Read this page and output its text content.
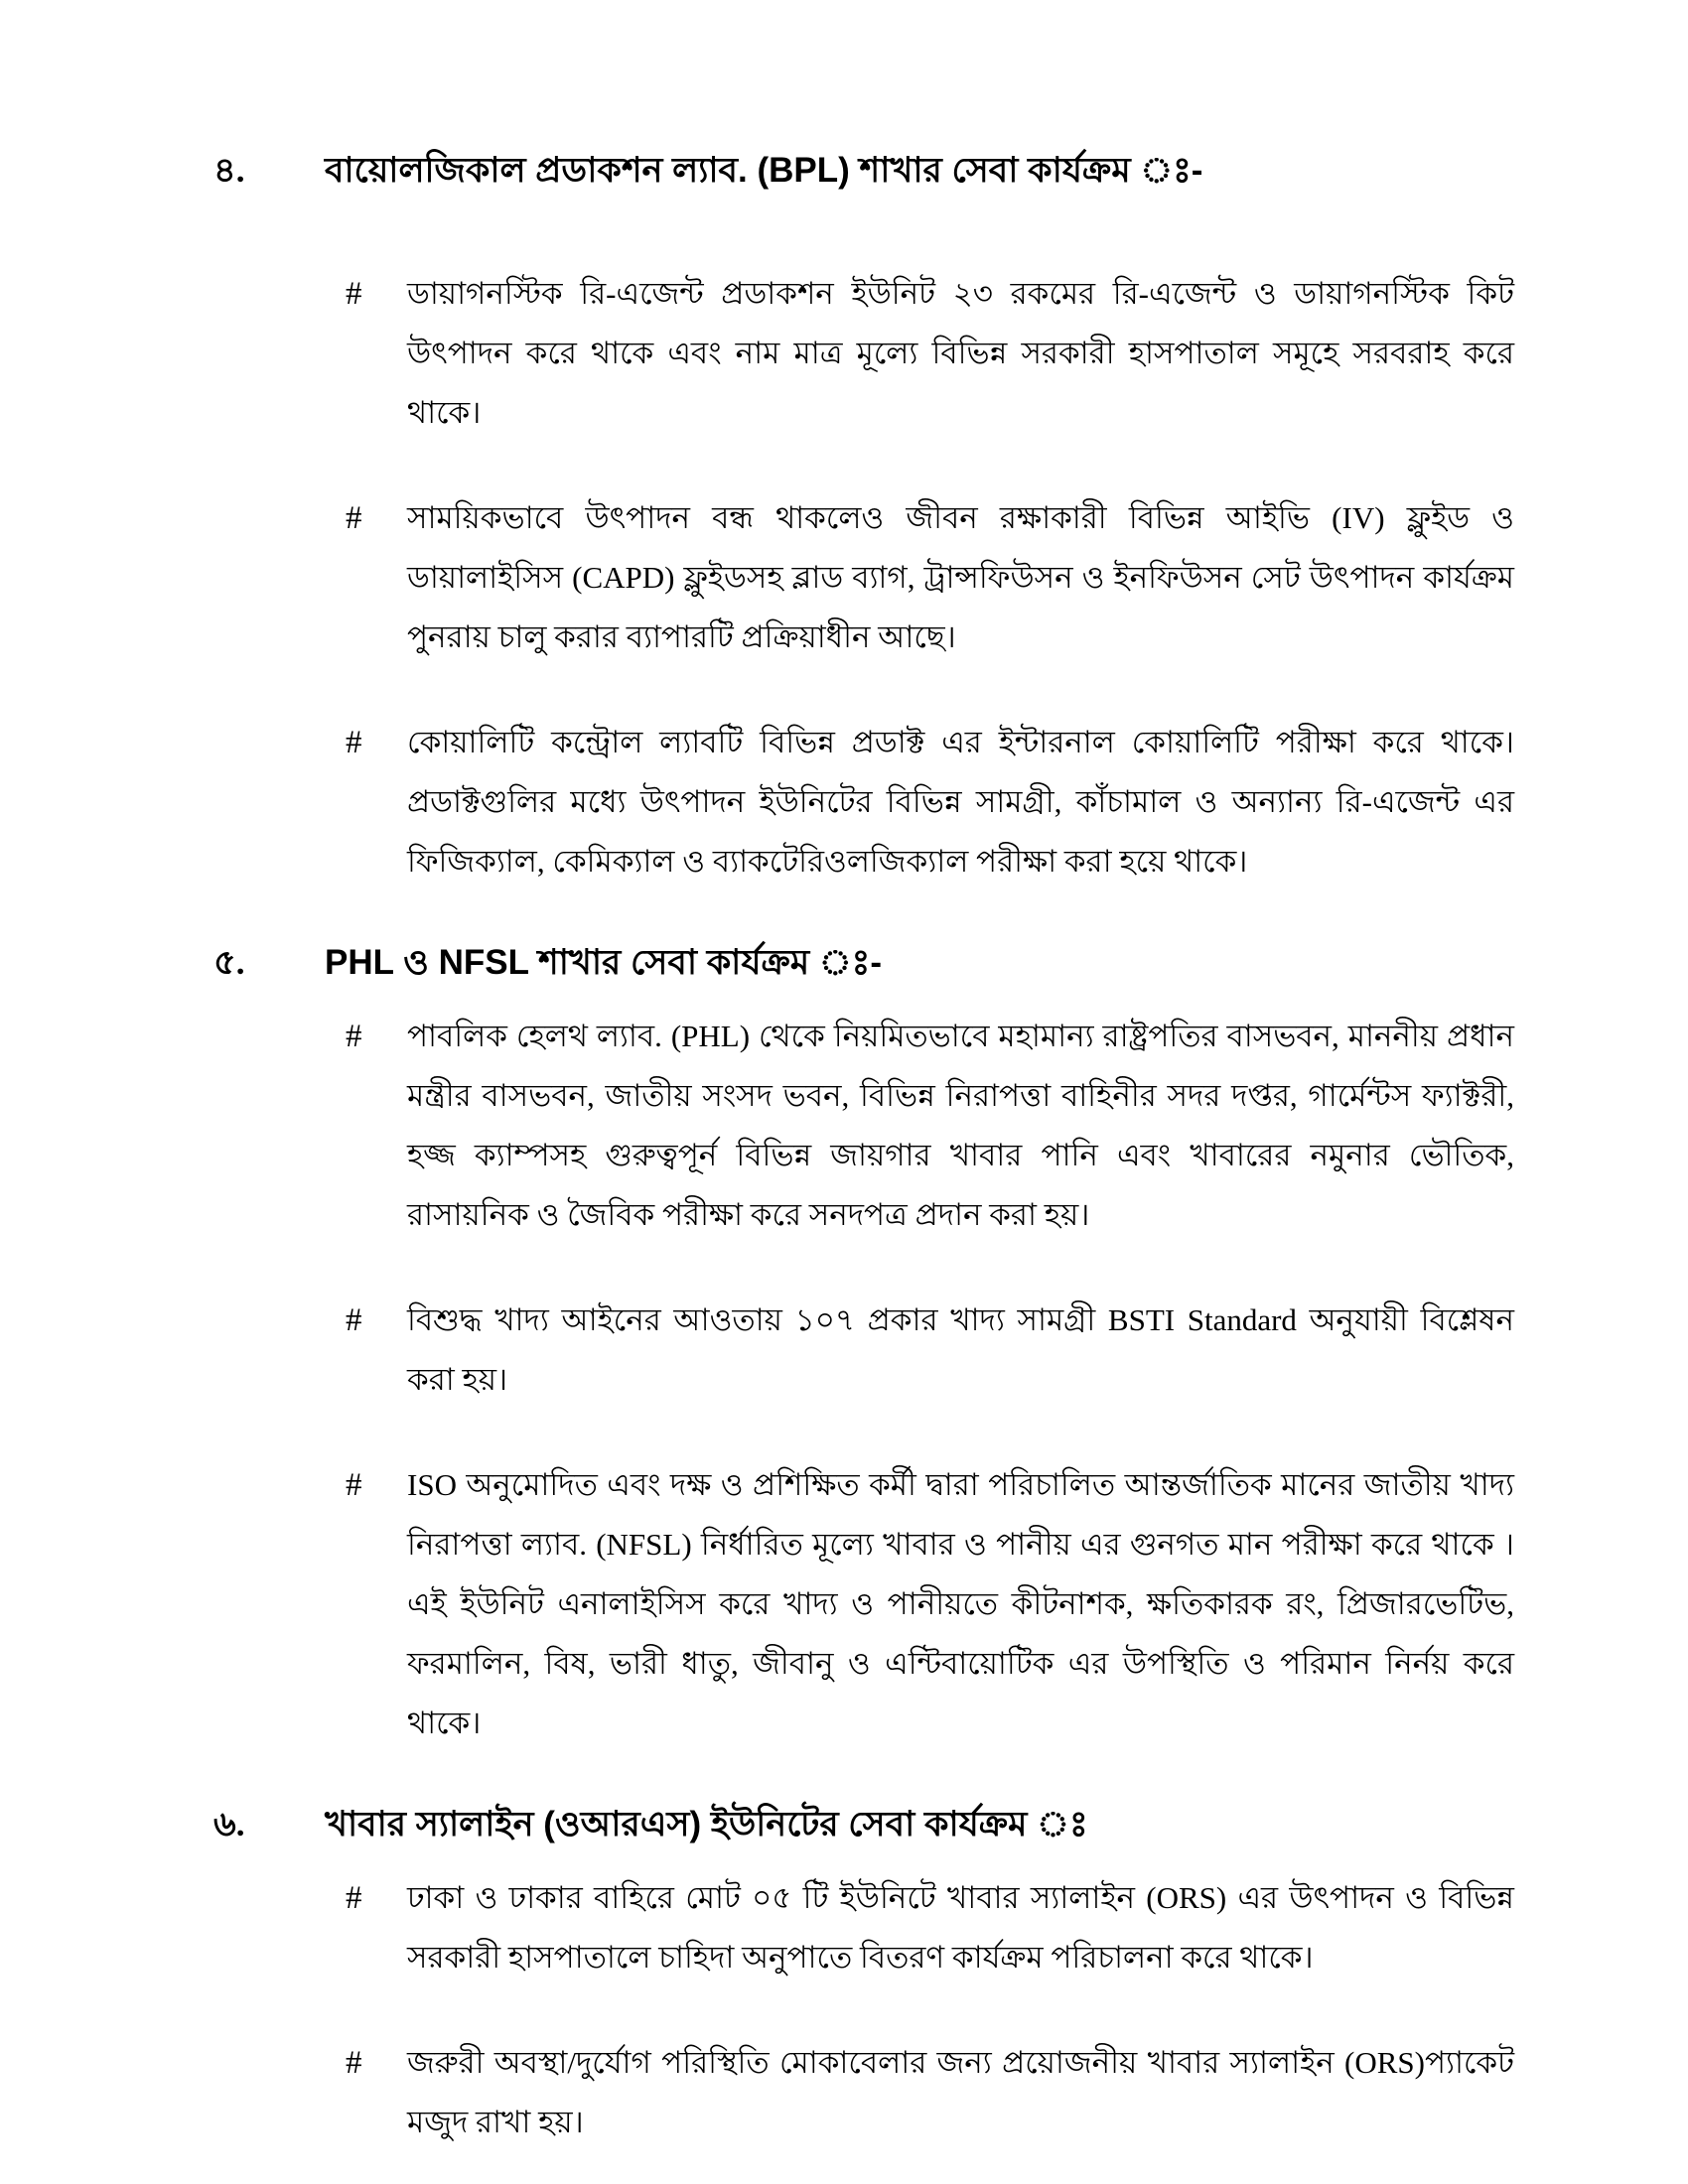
৪.	বায়োলজিকাল প্রডাকশন ল্যাব. (BPL) শাখার সেবা কার্যক্রম ঃ-
#	ডায়াগনস্টিক রি-এজেন্ট প্রডাকশন ইউনিট ২৩ রকমের রি-এজেন্ট ও ডায়াগনস্টিক কিট উৎপাদন করে থাকে এবং নাম মাত্র মূল্যে বিভিন্ন সরকারী হাসপাতাল সমূহে সরবরাহ করে থাকে।

#	সাময়িকভাবে উৎপাদন বন্ধ থাকলেও জীবন রক্ষাকারী বিভিন্ন আইভি (IV) ফ্লুইড ও ডায়ালাইসিস (CAPD) ফ্লুইডসহ ব্লাড ব্যাগ, ট্রান্সফিউসন ও ইনফিউসন সেট উৎপাদন কার্যক্রম পুনরায় চালু করার ব্যাপারটি প্রক্রিয়াধীন আছে।

#	কোয়ালিটি কন্ট্রোল ল্যাবটি বিভিন্ন প্রডাক্ট এর ইন্টারনাল কোয়ালিটি পরীক্ষা করে থাকে। প্রডাক্টগুলির মধ্যে উৎপাদন ইউনিটের বিভিন্ন সামগ্রী, কাঁচামাল ও অন্যান্য রি-এজেন্ট এর ফিজিক্যাল, কেমিক্যাল ও ব্যাকটেরিওলজিক্যাল পরীক্ষা করা হয়ে থাকে।

৫.	PHL ও NFSL শাখার সেবা কার্যক্রম ঃ-
#	পাবলিক হেলথ ল্যাব. (PHL) থেকে নিয়মিতভাবে মহামান্য রাষ্ট্রপতির বাসভবন, মাননীয় প্রধান মন্ত্রীর বাসভবন, জাতীয় সংসদ ভবন, বিভিন্ন নিরাপত্তা বাহিনীর সদর দপ্তর, গার্মেন্টস ফ্যাক্টরী, হজ্জ ক্যাম্পসহ গুরুত্বপূর্ন বিভিন্ন জায়গার খাবার পানি এবং খাবারের নমুনার ভৌতিক, রাসায়নিক ও জৈবিক পরীক্ষা করে সনদপত্র প্রদান করা হয়।

#	বিশুদ্ধ খাদ্য আইনের আওতায় ১০৭ প্রকার খাদ্য সামগ্রী BSTI Standard অনুযায়ী বিশ্লেষন করা হয়।

#	ISO অনুমোদিত এবং দক্ষ ও প্রশিক্ষিত কর্মী দ্বারা পরিচালিত আন্তর্জাতিক মানের জাতীয় খাদ্য নিরাপত্তা ল্যাব. (NFSL) নির্ধারিত মূল্যে খাবার ও পানীয় এর গুনগত মান পরীক্ষা করে থাকে । এই ইউনিট এনালাইসিস করে খাদ্য ও পানীয়তে কীটনাশক, ক্ষতিকারক রং, প্রিজারভেটিভ, ফরমালিন, বিষ, ভারী ধাতু, জীবানু ও এন্টিবায়োটিক এর উপস্থিতি ও পরিমান নির্নয় করে থাকে।

৬.	খাবার স্যালাইন (ওআরএস) ইউনিটের সেবা কার্যক্রম ঃ
#	ঢাকা ও ঢাকার বাহিরে মোট ০৫ টি ইউনিটে খাবার স্যালাইন (ORS) এর উৎপাদন ও বিভিন্ন সরকারী হাসপাতালে চাহিদা অনুপাতে বিতরণ কার্যক্রম পরিচালনা করে থাকে।

#	জরুরী অবস্থা/দুর্যোগ পরিস্থিতি মোকাবেলার জন্য প্রয়োজনীয় খাবার স্যালাইন (ORS)প্যাকেট মজুদ রাখা হয়।
